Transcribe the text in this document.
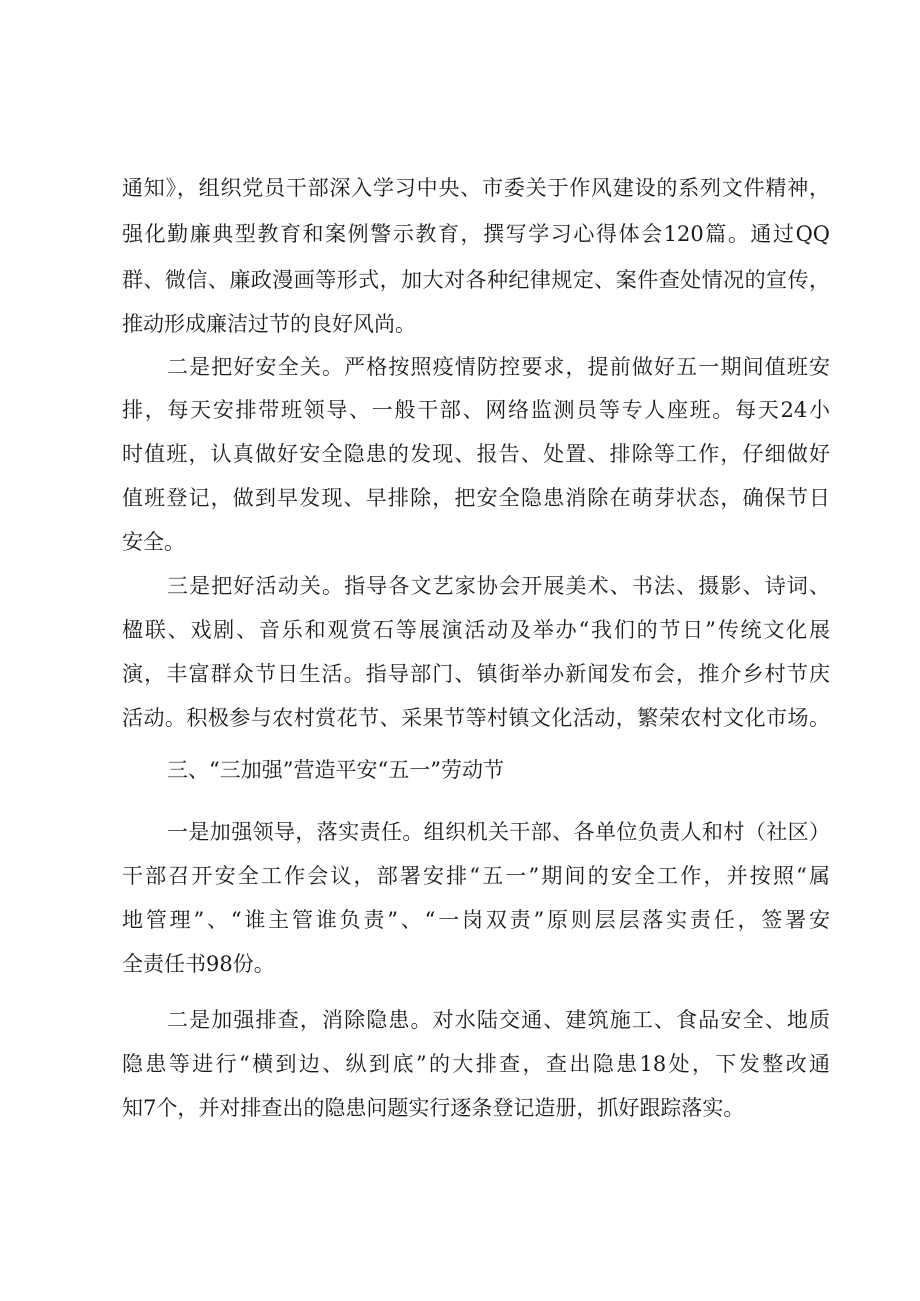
通知》，组织党员干部深入学习中央、市委关于作风建设的系列文件精神，
强化勤廉典型教育和案例警示教育，撰写学习心得体会120篇。通过QQ
群、微信、廉政漫画等形式，加大对各种纪律规定、案件查处情况的宣传，
推动形成廉洁过节的良好风尚。
二是把好安全关。严格按照疫情防控要求，提前做好五一期间值班安
排，每天安排带班领导、一般干部、网络监测员等专人座班。每天24小
时值班，认真做好安全隐患的发现、报告、处置、排除等工作，仔细做好
值班登记，做到早发现、早排除，把安全隐患消除在萌芽状态，确保节日
安全。
三是把好活动关。指导各文艺家协会开展美术、书法、摄影、诗词、
楹联、戏剧、音乐和观赏石等展演活动及举办“我们的节日”传统文化展
演，丰富群众节日生活。指导部门、镇街举办新闻发布会，推介乡村节庆
活动。积极参与农村赏花节、采果节等村镇文化活动，繁荣农村文化市场。
三、“三加强”营造平安“五一”劳动节
一是加强领导，落实责任。组织机关干部、各单位负责人和村（社区）
干部召开安全工作会议，部署安排“五一”期间的安全工作，并按照“属
地管理”、“谁主管谁负责”、“一岗双责”原则层层落实责任，签署安
全责任书98份。
二是加强排查，消除隐患。对水陆交通、建筑施工、食品安全、地质
隐患等进行“横到边、纵到底”的大排查，查出隐患18处，下发整改通
知7个，并对排查出的隐患问题实行逐条登记造册，抓好跟踪落实。
